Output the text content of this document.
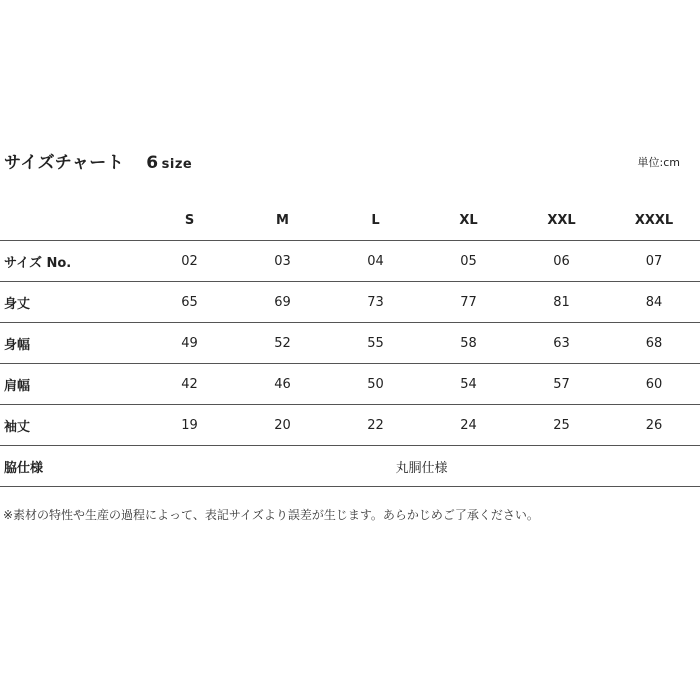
サイズチャート 6 size	単位:cm
	S	M	L	XL	XXL	XXXL
サイズ No.	02	03	04	05	06	07
身丈	65	69	73	77	81	84
身幅	49	52	55	58	63	68
肩幅	42	46	50	54	57	60
袖丈	19	20	22	24	25	26
脇仕様	丸胴仕様					
※素材の特性や生産の過程によって、表記サイズより誤差が生じます。あらかじめご了承ください。
